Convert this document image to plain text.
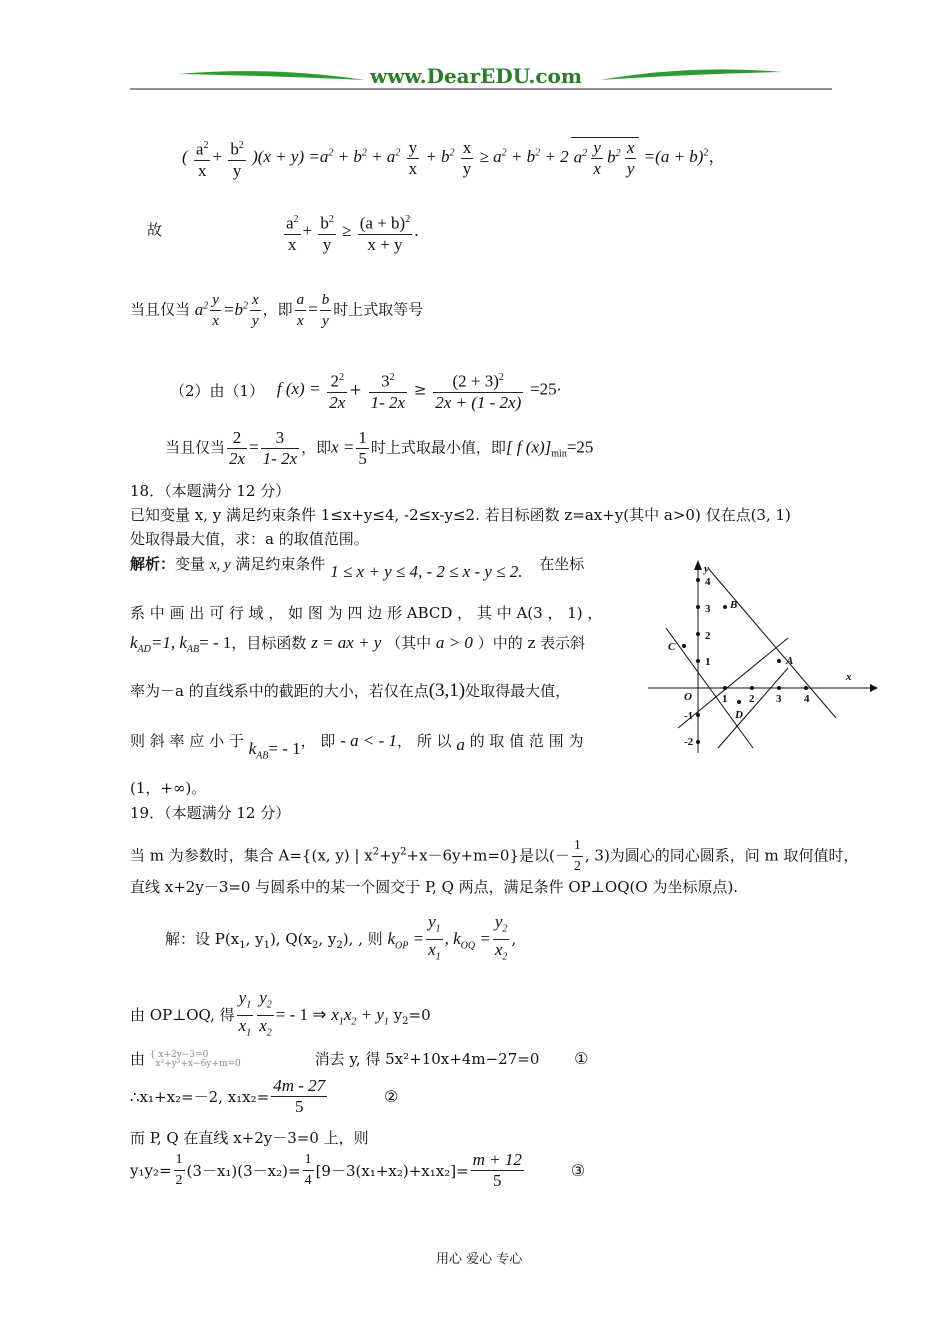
www.DearEDU.com
( $\frac{a^2}{x} + \frac{b^2}{y} )(x + y) =a^2 + b^2 + a^2 \frac{y}{x} + b^2 \frac{x}{y} \ge a^2 + b^2 + 2$ $a^2 \frac{y}{x} b^2 \frac{x}{y} =(a + b)^2$，
故	$\frac{a^2}{x} + \frac{b^2}{y} \ge \frac{(a + b)^2}{x + y}$ .
当且仅当 $a^2 \frac{y}{x} =b^2 \frac{x}{y}$ ，即 $\frac{a}{x} = \frac{b}{y}$ 时上式取等号
（2）由（1） f $(x) = \frac{2^2}{2x} + \frac{3^2}{1- 2x} \ge \frac{(2 + 3)^2}{2x + (1 - 2x)} =25\cdot$
当且仅当 $\frac{2}{2x} = \frac{3}{1- 2x}$ ，即$x = \frac{1}{5}$ 时上式取最小值，即[ f $(x)]_{min}=25$
18．（本题满分 12 分）
已知变量 x, y 满足约束条件 1≤x+y≤4, -2≤x-y≤2. 若目标函数 z=ax+y(其中 a>0) 仅在点(3, 1)
处取得最大值，求：a 的取值范围。
解析：变量 x, y 满足约束条件 1 ≤ x + y ≤ 4, - 2 ≤ x - y ≤ 2. 在坐标
系 中 画 出 可 行 域 ， 如 图 为 四 边 形 ABCD ， 其 中 A(3 ， 1) ，
$k_{AD}=1$, $k_{AB}= - 1$，目标函数 z = ax + y （其中 a > 0 ）中的 z 表示斜
率为－a 的直线系中的截距的大小，若仅在点(3,1)处取得最大值，
则 斜 率 应 小 于 $k_{AB}= - 1$， 即 - a < - 1， 所 以 a 的 取 值 范 围 为
(1，+∞)。
x
y
O	1 2 3 4
4
3
2
1
-1
-2
A
B
C
D
19．（本题满分 12 分）
当 m 为参数时，集合 A={(x, y) | $x^2+y^2+x-6y+m=0$}是以(－ $\frac{1}{2}$ , 3)为圆心的同心圆系，问 m 取何值时，
直线 x+2y－3=0 与圆系中的某一个圆交于 P, Q 两点，满足条件 OP⊥OQ(O 为坐标原点).
解：设 $P(x_1$, $y_1$), $Q(x_2$, $y_2$), , 则 $k_{OP} = \frac{y_1}{x_1}$ , $k_{OQ} = \frac{y_2}{x_2}$ ,
由 OP⊥OQ, 得 $\frac{y_1}{x_1} \frac{y_2}{x_2}$ = - 1 ⇒ $x_1x_2 + y_1$ $y_2=0$
由 { x+2y−3=0
x²+y²+x−6y+m=0	消去 y, 得 5x²+10x+4m−27=0 ①
∴x₁+x₂=－2, $x_1x_2= \frac{4m - 27}{5}$	②
而 P, Q 在直线 x+2y－3=0 上，则
$y_1y_2= \frac{1}{2} (3-x_1)(3-x_2)= \frac{1}{4} [9-3(x_1+x_2)+x_1x_2]= \frac{m + 12}{5}$	③
用心 爱心 专心
